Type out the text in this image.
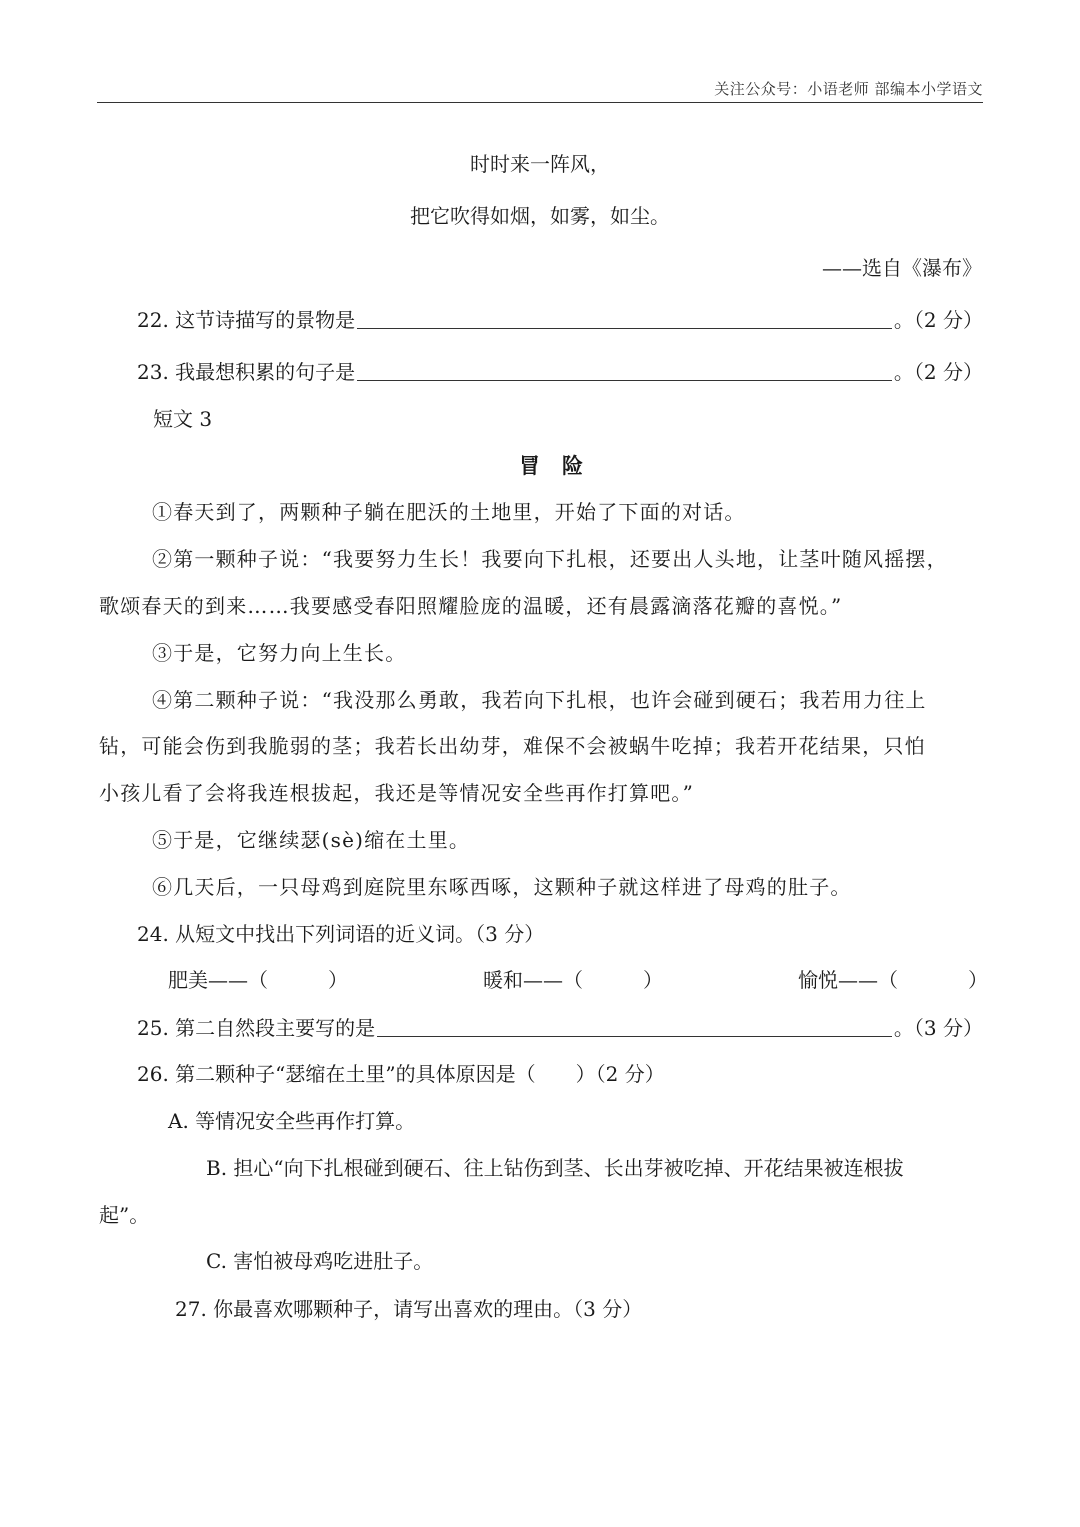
关注公众号：小语老师 部编本小学语文
时时来一阵风，
把它吹得如烟，如雾，如尘。
——选自《瀑布》
22. 这节诗描写的景物是	。（2 分）
23. 我最想积累的句子是	。（2 分）
短文 3
冒险
①春天到了，两颗种子躺在肥沃的土地里，开始了下面的对话。
②第一颗种子说：“我要努力生长！我要向下扎根，还要出人头地，让茎叶随风摇摆，
歌颂春天的到来……我要感受春阳照耀脸庞的温暖，还有晨露滴落花瓣的喜悦。”
③于是，它努力向上生长。
④第二颗种子说：“我没那么勇敢，我若向下扎根，也许会碰到硬石；我若用力往上
钻，可能会伤到我脆弱的茎；我若长出幼芽，难保不会被蜗牛吃掉；我若开花结果，只怕
小孩儿看了会将我连根拔起，我还是等情况安全些再作打算吧。”
⑤于是，它继续瑟(sè)缩在土里。
⑥几天后，一只母鸡到庭院里东啄西啄，这颗种子就这样进了母鸡的肚子。
24. 从短文中找出下列词语的近义词。（3 分）
肥美——（	）	暖和——（	）	愉悦——（	）
25. 第二自然段主要写的是	。（3 分）
26. 第二颗种子“瑟缩在土里”的具体原因是（　　）（2 分）
A. 等情况安全些再作打算。
B. 担心“向下扎根碰到硬石、往上钻伤到茎、长出芽被吃掉、开花结果被连根拔
起”。
C. 害怕被母鸡吃进肚子。
27. 你最喜欢哪颗种子，请写出喜欢的理由。（3 分）
